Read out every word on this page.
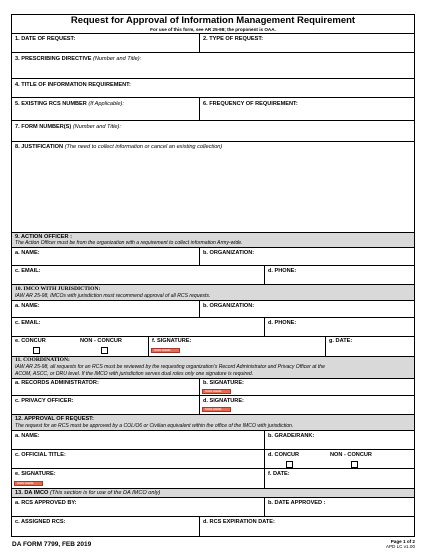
Request for Approval of Information Management Requirement
For use of this form, see AR 25-98; the proponent is OAA.
1. DATE OF REQUEST:	2. TYPE OF REQUEST:
3. PRESCRIBING DIRECTIVE (Number and Title):
4. TITLE OF INFORMATION REQUIREMENT:
5. EXISTING RCS NUMBER (If Applicable):	6. FREQUENCY OF REQUIREMENT:
7. FORM NUMBER(S) (Number and Title):
8. JUSTIFICATION (The need to collect information or cancel an existing collection)
9. ACTION OFFICER :
The Action Officer must be from the organization with a requirement to collect information Army-wide.
a. NAME:	b. ORGANIZATION:
c. EMAIL:	d. PHONE:
10. IMCO WITH JURISDICTION:
IAW AR 25-98, IMCOs with jurisdiction must recommend approval of all RCS requests.
a. NAME:	b. ORGANIZATION:
c. EMAIL:	d. PHONE:
e. CONCUR	NON - CONCUR	f. SIGNATURE:
SIGN HERE
g. DATE:
11. COORDINATION:
IAW AR 25-98, all requests for an RCS must be reviewed by the requesting organization's Record Administrator and Privacy Officer at the
ACOM, ASCC, or DRU level. If the IMCO with jurisdiction serves dual roles only one signature is required.
a. RECORDS ADMINISTRATOR:	b. SIGNATURE:
SIGN HERE
c. PRIVACY OFFICER:	d. SIGNATURE:
SIGN HERE
12. APPROVAL OF REQUEST:
The request for an RCS must be approved by a COL/O6 or Civilian equivalent within the office of the IMCO with jurisdiction.
a. NAME:	b. GRADE/RANK:
c. OFFICIAL TITLE:	d. CONCUR	NON - CONCUR
e. SIGNATURE:
SIGN HERE
f. DATE:
13. DA IMCO (This section is for use of the DA IMCO only)
a. RCS APPROVED BY:	b. DATE APPROVED :
c. ASSIGNED RCS:	d. RCS EXPIRATION DATE:
DA FORM 7799, FEB 2019	Page 1 of 2
APD LC v1.00
